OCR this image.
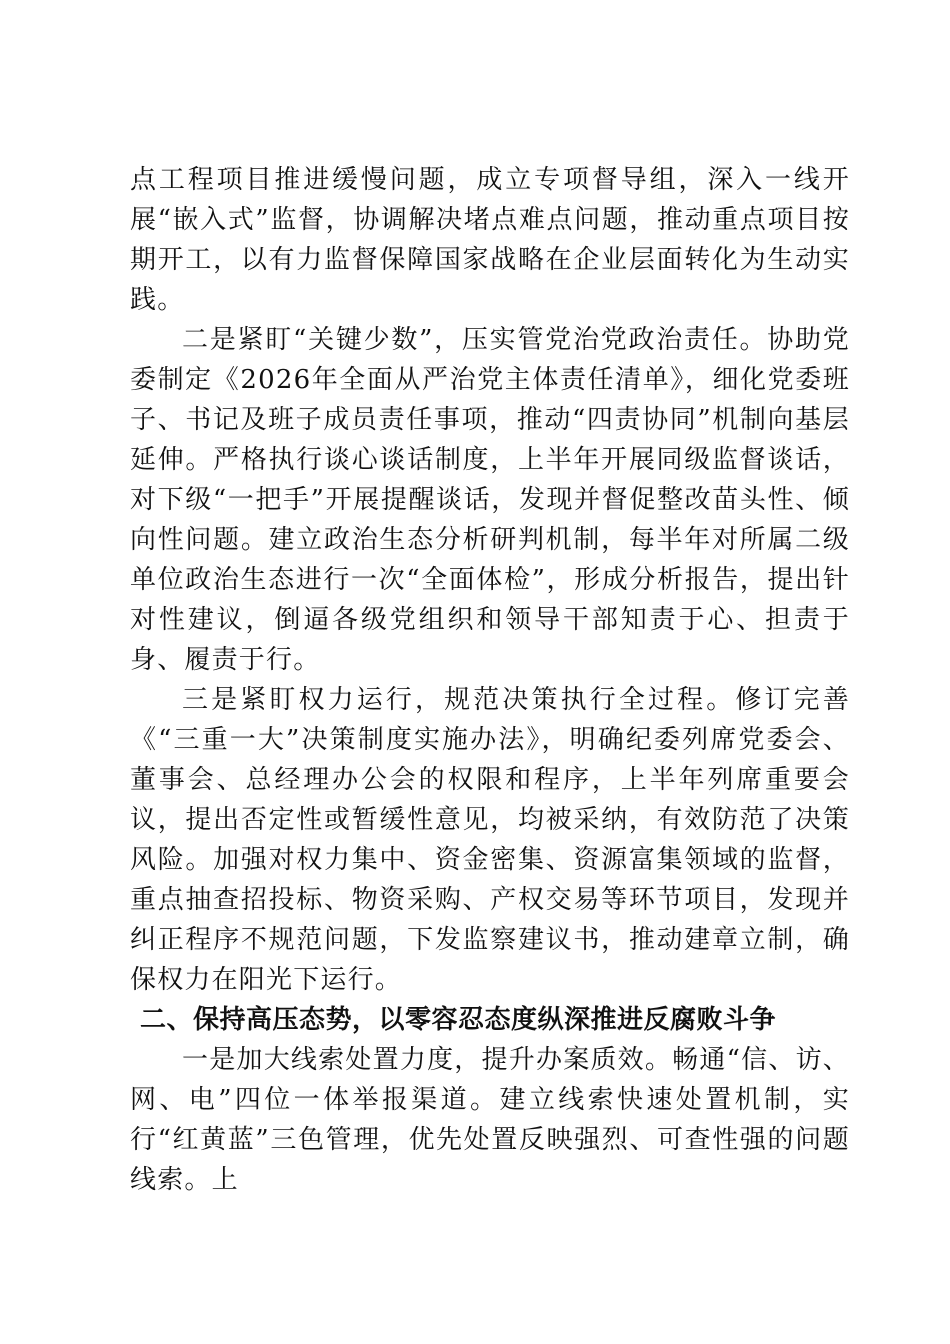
点工程项目推进缓慢问题，成立专项督导组，深入一线开展“嵌入式”监督，协调解决堵点难点问题，推动重点项目按期开工，以有力监督保障国家战略在企业层面转化为生动实践。

二是紧盯“关键少数”，压实管党治党政治责任。协助党委制定《2026年全面从严治党主体责任清单》，细化党委班子、书记及班子成员责任事项，推动“四责协同”机制向基层延伸。严格执行谈心谈话制度，上半年开展同级监督谈话，对下级“一把手”开展提醒谈话，发现并督促整改苗头性、倾向性问题。建立政治生态分析研判机制，每半年对所属二级单位政治生态进行一次“全面体检”，形成分析报告，提出针对性建议，倒逼各级党组织和领导干部知责于心、担责于身、履责于行。

三是紧盯权力运行，规范决策执行全过程。修订完善《“三重一大”决策制度实施办法》，明确纪委列席党委会、董事会、总经理办公会的权限和程序，上半年列席重要会议，提出否定性或暂缓性意见，均被采纳，有效防范了决策风险。加强对权力集中、资金密集、资源富集领域的监督，重点抽查招投标、物资采购、产权交易等环节项目，发现并纠正程序不规范问题，下发监察建议书，推动建章立制，确保权力在阳光下运行。

二、保持高压态势，以零容忍态度纵深推进反腐败斗争

一是加大线索处置力度，提升办案质效。畅通“信、访、网、电”四位一体举报渠道。建立线索快速处置机制，实行“红黄蓝”三色管理，优先处置反映强烈、可查性强的问题线索。上
